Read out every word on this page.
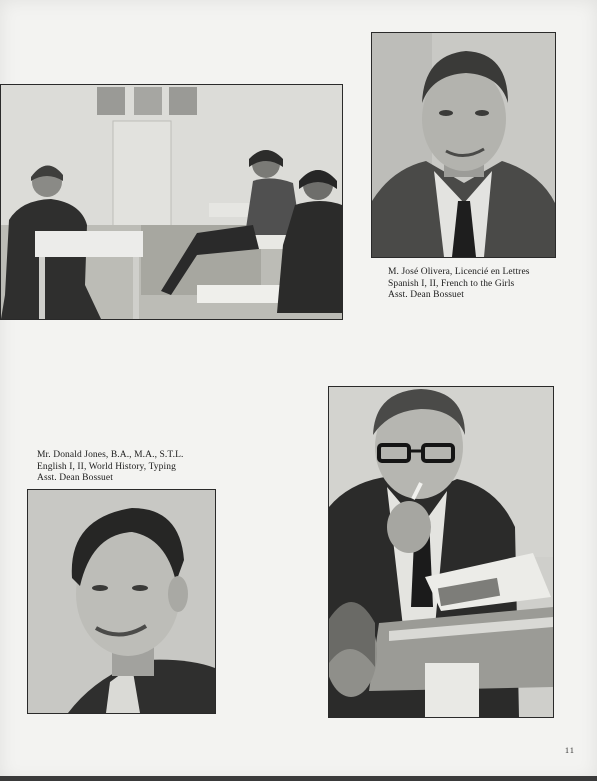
M. José Olivera, Licencié en Lettres
Spanish I, II, French to the Girls
Asst. Dean Bossuet
Mr. Donald Jones, B.A., M.A., S.T.L.
English I, II, World History, Typing
Asst. Dean Bossuet
11
